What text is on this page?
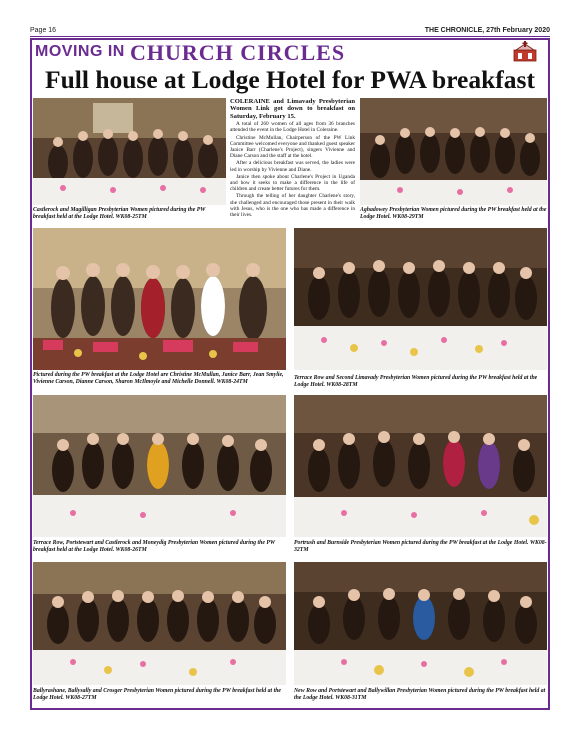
Page 16	THE CHRONICLE, 27th February 2020
MOVING IN CHURCH CIRCLES
Full house at Lodge Hotel for PWA breakfast
Castlerock and Magilligan Presbyterian Women pictured during the PW breakfast held at the Lodge Hotel. WK08-25TM

COLERAINE and Limavady Presbyterian Women Link got down to breakfast on Saturday, February 15.

A total of 260 women of all ages from 36 branches attended the event in the Lodge Hotel in Coleraine.

Christine McMullan, Chairperson of the PW Link Committee welcomed everyone and thanked guest speaker Janice Barr (Charlene's Project), singers Vivienne and Diane Carson and the staff at the hotel.

After a delicious breakfast was served, the ladies were led in worship by Vivienne and Diane.

Janice then spoke about Charlene's Project in Uganda and how it seeks to make a difference in the life of children and create better futures for them.

Through the telling of her daughter Charlene's story, she challenged and encouraged those present in their walk with Jesus, who is the one who has made a difference in their lives.

Aghadowey Presbyterian Women pictured during the PW breakfast held at the Lodge Hotel. WK08-29TM
Pictured during the PW breakfast at the Lodge Hotel are Christine McMullan, Janice Barr, Jean Smylie, Vivienne Carson, Dianne Carson, Sharon McIlmoyle and Michelle Donnell. WK08-24TM
Terrace Row and Second Limavady Presbyterian Women pictured during the PW breakfast held at the Lodge Hotel. WK08-28TM
Terrace Row, Portstewart and Castlerock and Moneydig Presbyterian Women pictured during the PW breakfast held at the Lodge Hotel. WK08-26TM
Portrush and Burnside Presbyterian Women pictured during the PW breakfast at the Lodge Hotel. WK08-32TM
Ballyrashane, Ballysally and Crosger Presbyterian Women pictured during the PW breakfast held at the Lodge Hotel. WK08-27TM
New Row and Portstewart and Ballywillan Presbyterian Women pictured during the PW breakfast held at the Lodge Hotel. WK08-31TM
